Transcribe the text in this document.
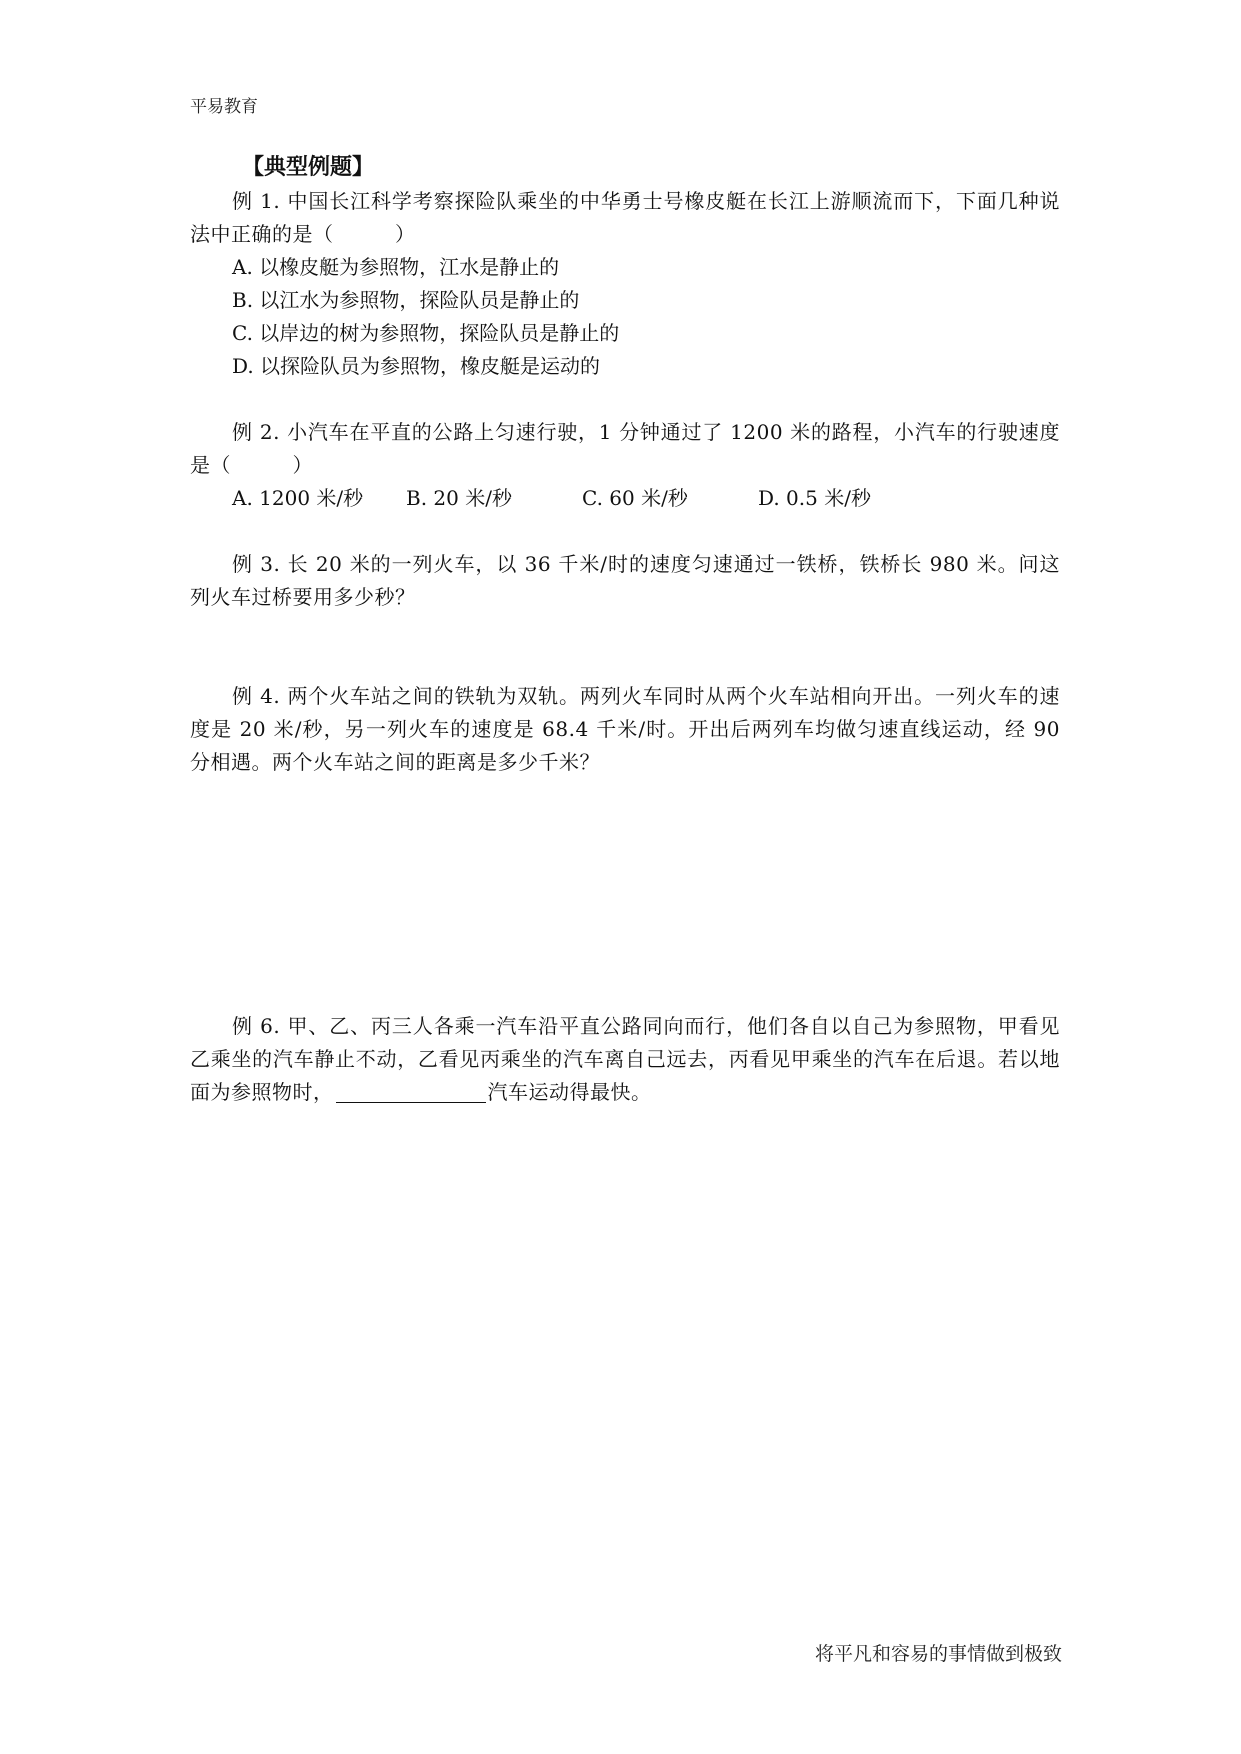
平易教育
【典型例题】
例 1. 中国长江科学考察探险队乘坐的中华勇士号橡皮艇在长江上游顺流而下，下面几种说法中正确的是（　　　）
A. 以橡皮艇为参照物，江水是静止的
B. 以江水为参照物，探险队员是静止的
C. 以岸边的树为参照物，探险队员是静止的
D. 以探险队员为参照物，橡皮艇是运动的
例 2. 小汽车在平直的公路上匀速行驶，1 分钟通过了 1200 米的路程，小汽车的行驶速度是（　　　）
A. 1200 米/秒	B. 20 米/秒	C. 60 米/秒	D. 0.5 米/秒
例 3. 长 20 米的一列火车，以 36 千米/时的速度匀速通过一铁桥，铁桥长 980 米。问这列火车过桥要用多少秒？
例 4. 两个火车站之间的铁轨为双轨。两列火车同时从两个火车站相向开出。一列火车的速度是 20 米/秒，另一列火车的速度是 68.4 千米/时。开出后两列车均做匀速直线运动，经 90 分相遇。两个火车站之间的距离是多少千米？
例 6. 甲、乙、丙三人各乘一汽车沿平直公路同向而行，他们各自以自己为参照物，甲看见乙乘坐的汽车静止不动，乙看见丙乘坐的汽车离自己远去，丙看见甲乘坐的汽车在后退。若以地面为参照物时，	汽车运动得最快。
将平凡和容易的事情做到极致
